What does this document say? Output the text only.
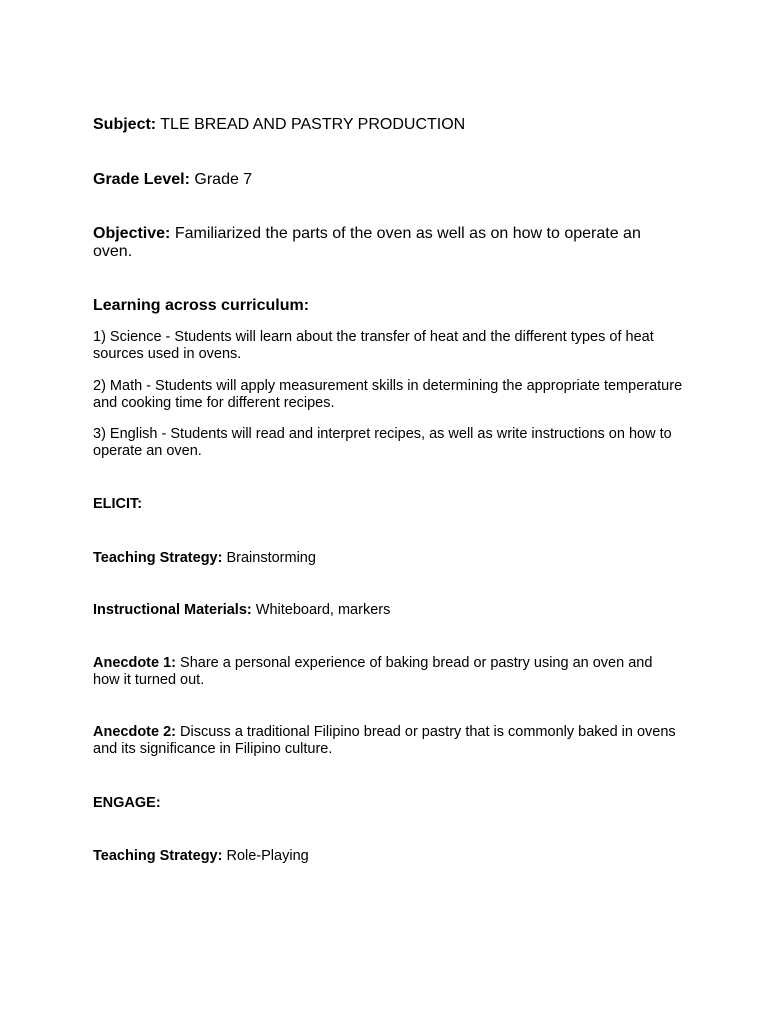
Subject: TLE BREAD AND PASTRY PRODUCTION
Grade Level: Grade 7
Objective: Familiarized the parts of the oven as well as on how to operate an oven.
Learning across curriculum:
1) Science - Students will learn about the transfer of heat and the different types of heat sources used in ovens.
2) Math - Students will apply measurement skills in determining the appropriate temperature and cooking time for different recipes.
3) English - Students will read and interpret recipes, as well as write instructions on how to operate an oven.
ELICIT:
Teaching Strategy: Brainstorming
Instructional Materials: Whiteboard, markers
Anecdote 1: Share a personal experience of baking bread or pastry using an oven and how it turned out.
Anecdote 2: Discuss a traditional Filipino bread or pastry that is commonly baked in ovens and its significance in Filipino culture.
ENGAGE:
Teaching Strategy: Role-Playing
